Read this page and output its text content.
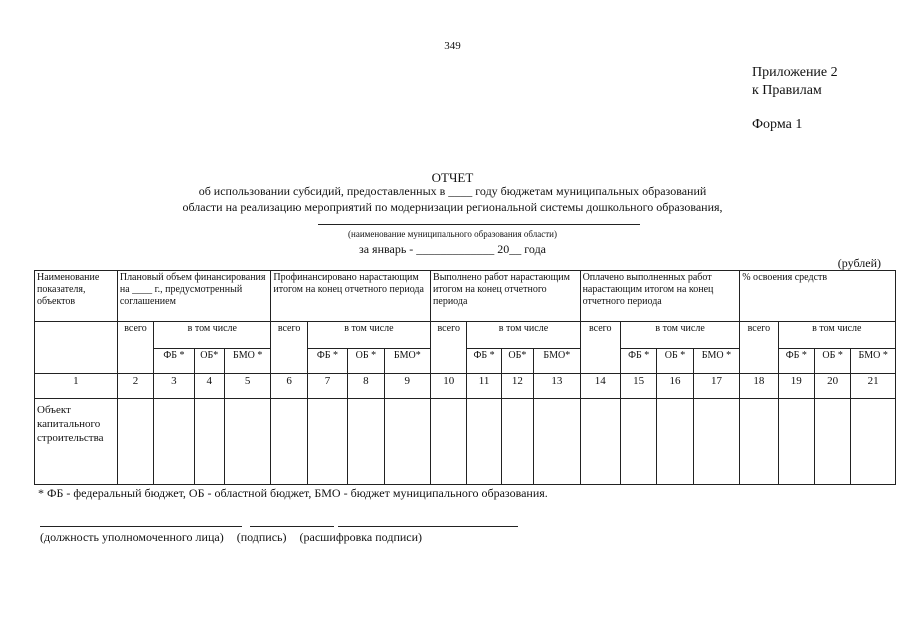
349
Приложение 2
к Правилам
Форма 1
ОТЧЕТ
об использовании субсидий, предоставленных в ____ году бюджетам муниципальных образований
области на реализацию мероприятий по модернизации региональной системы дошкольного образования,
(наименование муниципального образования области)
за январь - _____________ 20__ года
(рублей)
Наименование показателя, объектов	Плановый объем финансирования на ____ г., предусмотренный соглашением				Профинансировано нарастающим итогом на конец отчетного периода				Выполнено работ нарастающим итогом на конец отчетного периода				Оплачено выполненных работ нарастающим итогом на конец отчетного периода				% освоения средств			
	всего	в том числе			всего	в том числе			всего	в том числе			всего	в том числе			всего	в том числе		
		ФБ *	ОБ*	БМО *		ФБ *	ОБ *	БМО*		ФБ *	ОБ*	БМО*		ФБ *	ОБ *	БМО *		ФБ *	ОБ *	БМО *
1	2	3	4	5	6	7	8	9	10	11	12	13	14	15	16	17	18	19	20	21
Объект капитального строительства																				
* ФБ - федеральный бюджет, ОБ - областной бюджет, БМО - бюджет муниципального образования.
(должность уполномоченного лица) (подпись) (расшифровка подписи)
